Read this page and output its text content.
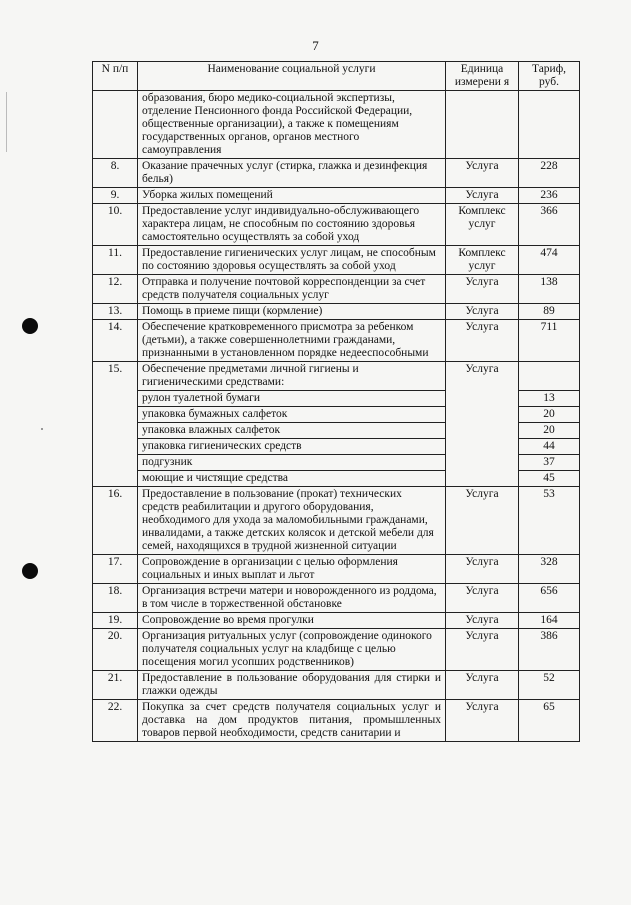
7
N п/п	Наименование социальной услуги	Единица измерени я	Тариф, руб.
	образования, бюро медико-социальной экспертизы, отделение Пенсионного фонда Российской Федерации, общественные организации), а также к помещениям государственных органов, органов местного самоуправления		
8.	Оказание прачечных услуг (стирка, глажка и дезинфекция белья)	Услуга	228
9.	Уборка жилых помещений	Услуга	236
10.	Предоставление услуг индивидуально-обслуживающего характера лицам, не способным по состоянию здоровья самостоятельно осуществлять за собой уход	Комплекс услуг	366
11.	Предоставление гигиенических услуг лицам, не способным по состоянию здоровья осуществлять за собой уход	Комплекс услуг	474
12.	Отправка и получение почтовой корреспонденции за счет средств получателя социальных услуг	Услуга	138
13.	Помощь в приеме пищи (кормление)	Услуга	89
14.	Обеспечение кратковременного присмотра за ребенком (детьми), а также совершеннолетними гражданами, признанными в установленном порядке недееспособными	Услуга	711
15.	Обеспечение предметами личной гигиены и гигиеническими средствами:	Услуга	
	рулон туалетной бумаги		13
	упаковка бумажных салфеток		20
	упаковка влажных салфеток		20
	упаковка гигиенических средств		44
	подгузник		37
	моющие и чистящие средства		45
16.	Предоставление в пользование (прокат) технических средств реабилитации и другого оборудования, необходимого для ухода за маломобильными гражданами, инвалидами, а также детских колясок и детской мебели для семей, находящихся в трудной жизненной ситуации	Услуга	53
17.	Сопровождение в организации с целью оформления социальных и иных выплат и льгот	Услуга	328
18.	Организация встречи матери и новорожденного из роддома, в том числе в торжественной обстановке	Услуга	656
19.	Сопровождение во время прогулки	Услуга	164
20.	Организация ритуальных услуг (сопровождение одинокого получателя социальных услуг на кладбище с целью посещения могил усопших родственников)	Услуга	386
21.	Предоставление в пользование оборудования для стирки и глажки одежды	Услуга	52
22.	Покупка за счет средств получателя социальных услуг и доставка на дом продуктов питания, промышленных товаров первой необходимости, средств санитарии и	Услуга	65
